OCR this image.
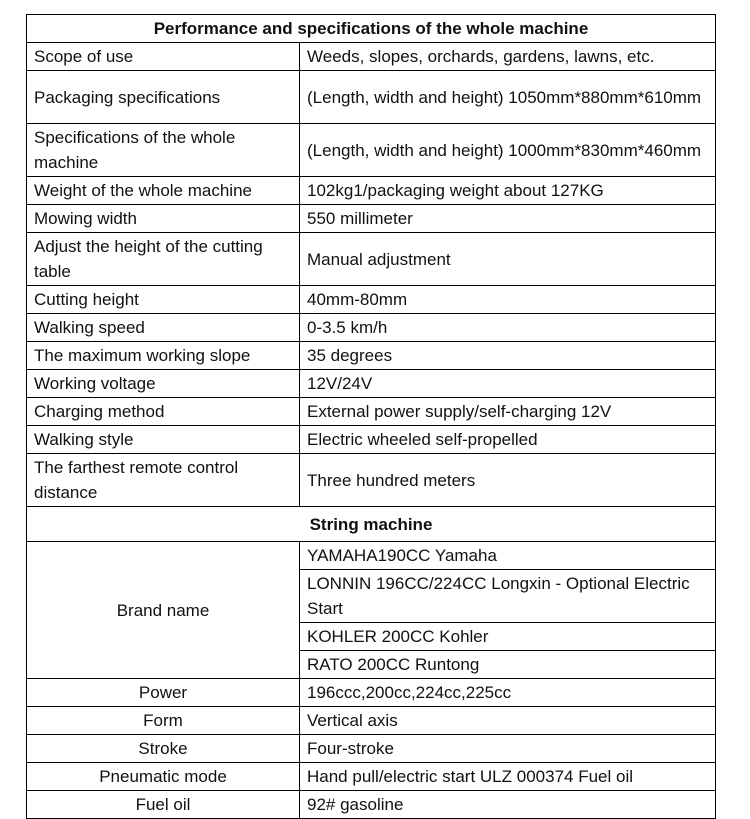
Performance and specifications of the whole machine	
Scope of use	Weeds, slopes, orchards, gardens, lawns, etc.
Packaging specifications	(Length, width and height) 1050mm*880mm*610mm
Specifications of the whole machine	(Length, width and height) 1000mm*830mm*460mm
Weight of the whole machine	102kg1/packaging weight about 127KG
Mowing width	550 millimeter
Adjust the height of the cutting table	Manual adjustment
Cutting height	40mm-80mm
Walking speed	0-3.5 km/h
The maximum working slope	35 degrees
Working voltage	12V/24V
Charging method	External power supply/self-charging 12V
Walking style	Electric wheeled self-propelled
The farthest remote control distance	Three hundred meters
String machine	
Brand name	YAMAHA190CC Yamaha
	LONNIN 196CC/224CC Longxin - Optional Electric Start
	KOHLER 200CC Kohler
	RATO 200CC Runtong
Power	196ccc,200cc,224cc,225cc
Form	Vertical axis
Stroke	Four-stroke
Pneumatic mode	Hand pull/electric start ULZ 000374 Fuel oil
Fuel oil	92# gasoline
